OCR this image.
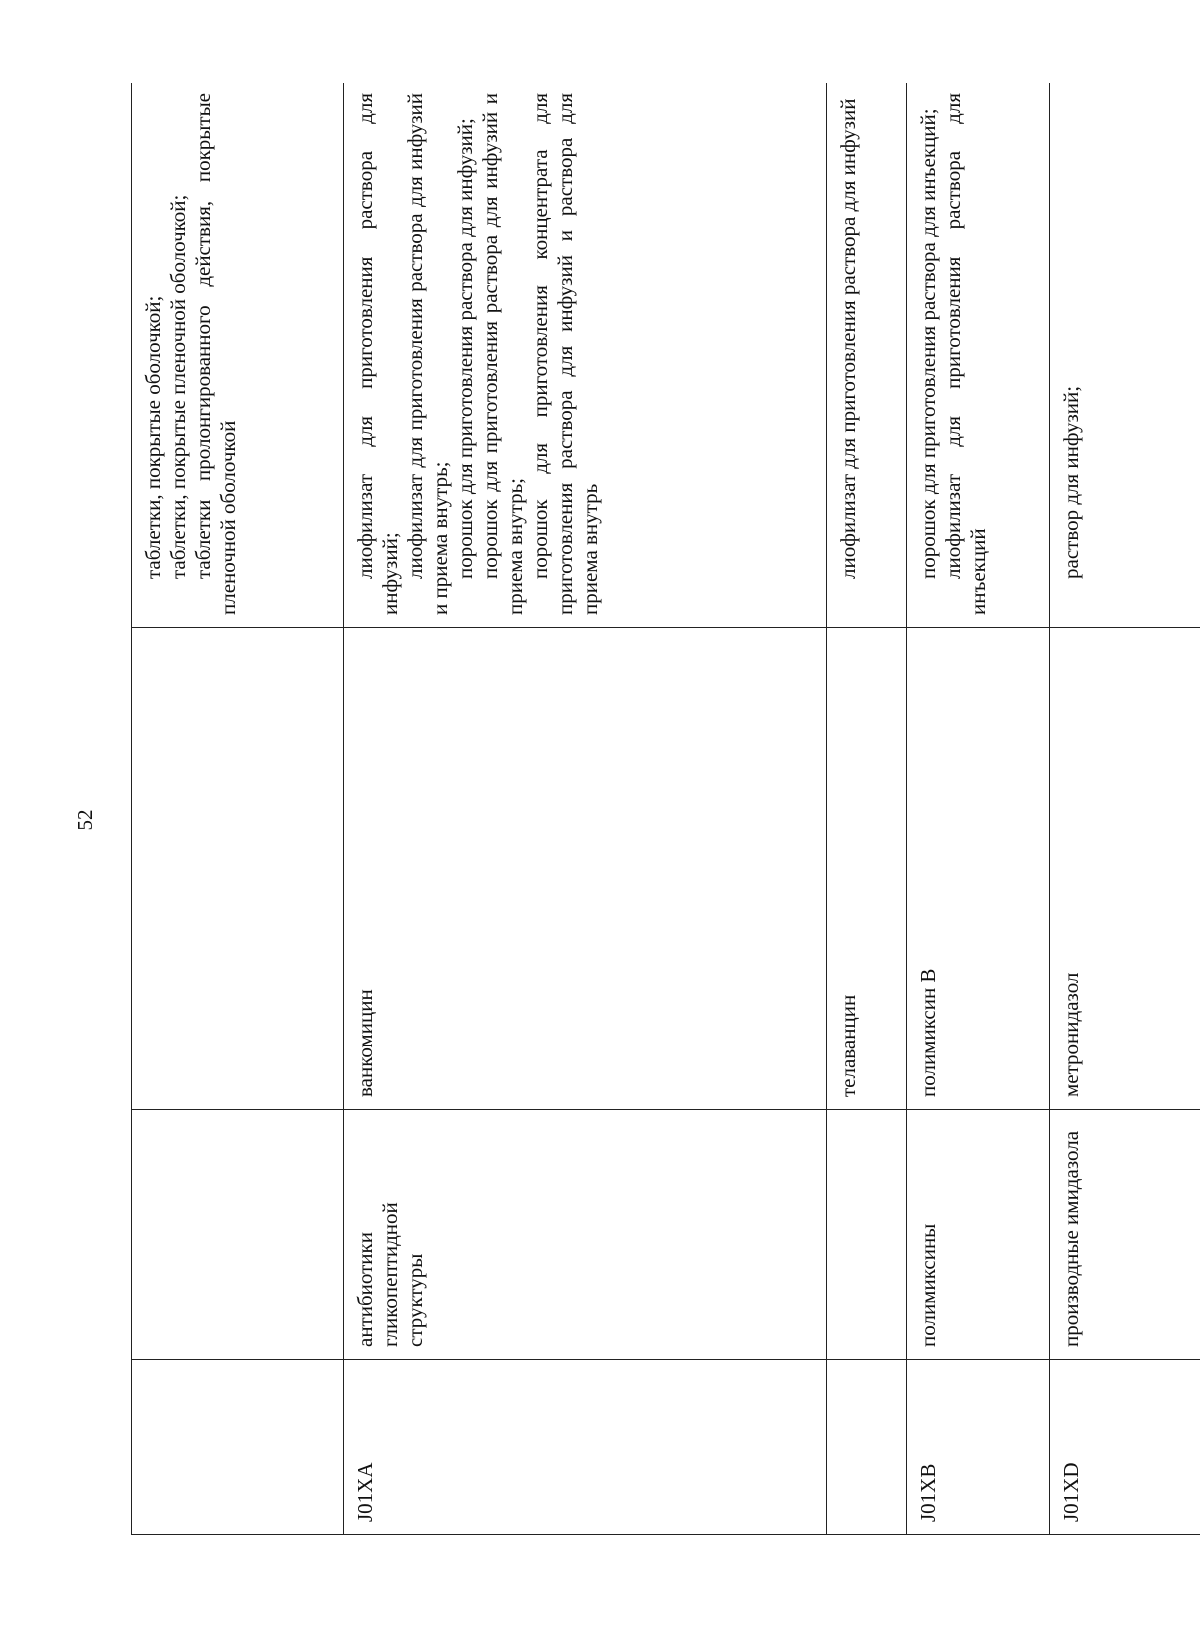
52

			таблетки, покрытые оболочкой; таблетки, покрытые пленочной оболочкой; таблетки пролонгированного действия, покрытые пленочной оболочкой

J01XA	антибиотики гликопептидной структуры	ванкомицин	лиофилизат для приготовления раствора для инфузий; лиофилизат для приготовления раствора для инфузий и приема внутрь; порошок для приготовления раствора для инфузий; порошок для приготовления раствора для инфузий и приема внутрь; порошок для приготовления концентрата для приготовления раствора для инфузий и раствора для приема внутрь

		телаванцин	лиофилизат для приготовления раствора для инфузий

J01XB	полимиксины	полимиксин В	порошок для приготовления раствора для инъекций; лиофилизат для приготовления раствора для инъекций

J01XD	производные имидазола	метронидазол	раствор для инфузий;
